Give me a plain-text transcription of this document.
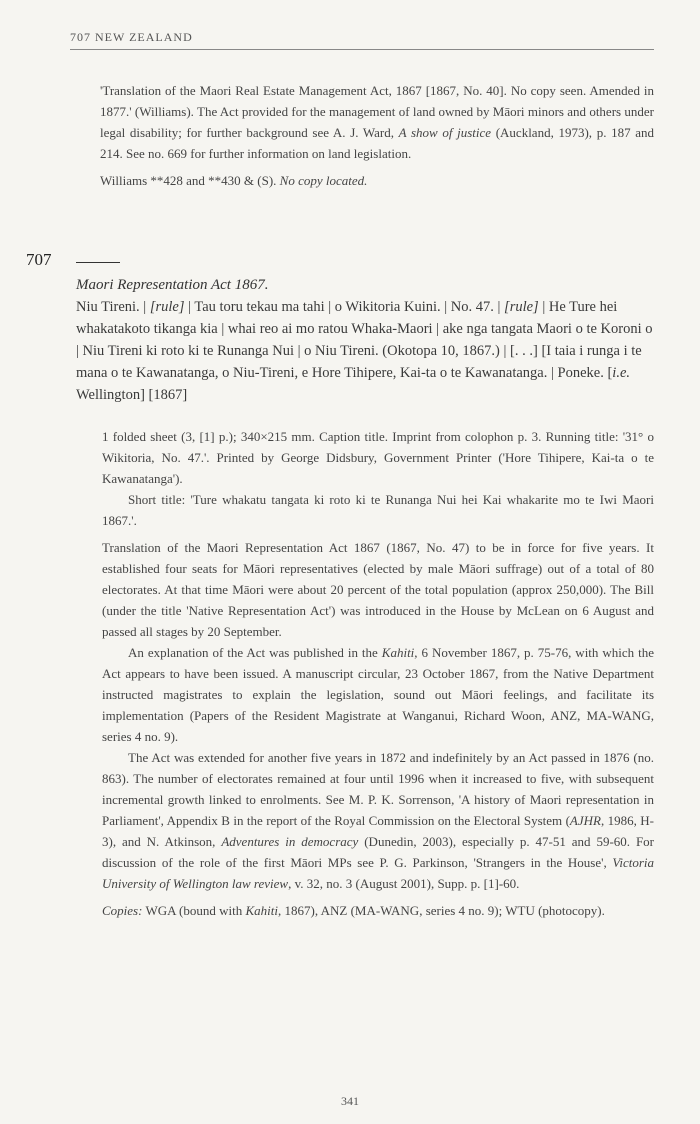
707 NEW ZEALAND

'Translation of the Maori Real Estate Management Act, 1867 [1867, No. 40]. No copy seen. Amended in 1877.' (Williams). The Act provided for the management of land owned by Māori minors and others under legal disability; for further background see A. J. Ward, A show of justice (Auckland, 1973), p. 187 and 214. See no. 669 for further information on land legislation.

Williams **428 and **430 & (S). No copy located.

707

Maori Representation Act 1867.

Niu Tireni. | [rule] | Tau toru tekau ma tahi | o Wikitoria Kuini. | No. 47. | [rule] | He Ture hei whakatakoto tikanga kia | whai reo ai mo ratou Whaka-Maori | ake nga tangata Maori o te Koroni o | Niu Tireni ki roto ki te Runanga Nui | o Niu Tireni. (Okotopa 10, 1867.) | [. . .] [I taia i runga i te mana o te Kawanatanga, o Niu-Tireni, e Hore Tihipere, Kai-ta o te Kawanatanga. | Poneke. [i.e. Wellington] [1867]

1 folded sheet (3, [1] p.); 340×215 mm. Caption title. Imprint from colophon p. 3. Running title: '31° o Wikitoria, No. 47.'. Printed by George Didsbury, Government Printer ('Hore Tihipere, Kai-ta o te Kawanatanga').

Short title: 'Ture whakatu tangata ki roto ki te Runanga Nui hei Kai whakarite mo te Iwi Maori 1867.'.

Translation of the Maori Representation Act 1867 (1867, No. 47) to be in force for five years. It established four seats for Māori representatives (elected by male Māori suffrage) out of a total of 80 electorates. At that time Māori were about 20 percent of the total population (approx 250,000). The Bill (under the title 'Native Representation Act') was introduced in the House by McLean on 6 August and passed all stages by 20 September.

An explanation of the Act was published in the Kahiti, 6 November 1867, p. 75-76, with which the Act appears to have been issued. A manuscript circular, 23 October 1867, from the Native Department instructed magistrates to explain the legislation, sound out Māori feelings, and facilitate its implementation (Papers of the Resident Magistrate at Wanganui, Richard Woon, ANZ, MA-WANG, series 4 no. 9).

The Act was extended for another five years in 1872 and indefinitely by an Act passed in 1876 (no. 863). The number of electorates remained at four until 1996 when it increased to five, with subsequent incremental growth linked to enrolments. See M. P. K. Sorrenson, 'A history of Maori representation in Parliament', Appendix B in the report of the Royal Commission on the Electoral System (AJHR, 1986, H-3), and N. Atkinson, Adventures in democracy (Dunedin, 2003), especially p. 47-51 and 59-60. For discussion of the role of the first Māori MPs see P. G. Parkinson, 'Strangers in the House', Victoria University of Wellington law review, v. 32, no. 3 (August 2001), Supp. p. [1]-60.

Copies: WGA (bound with Kahiti, 1867), ANZ (MA-WANG, series 4 no. 9); WTU (photocopy).

341
